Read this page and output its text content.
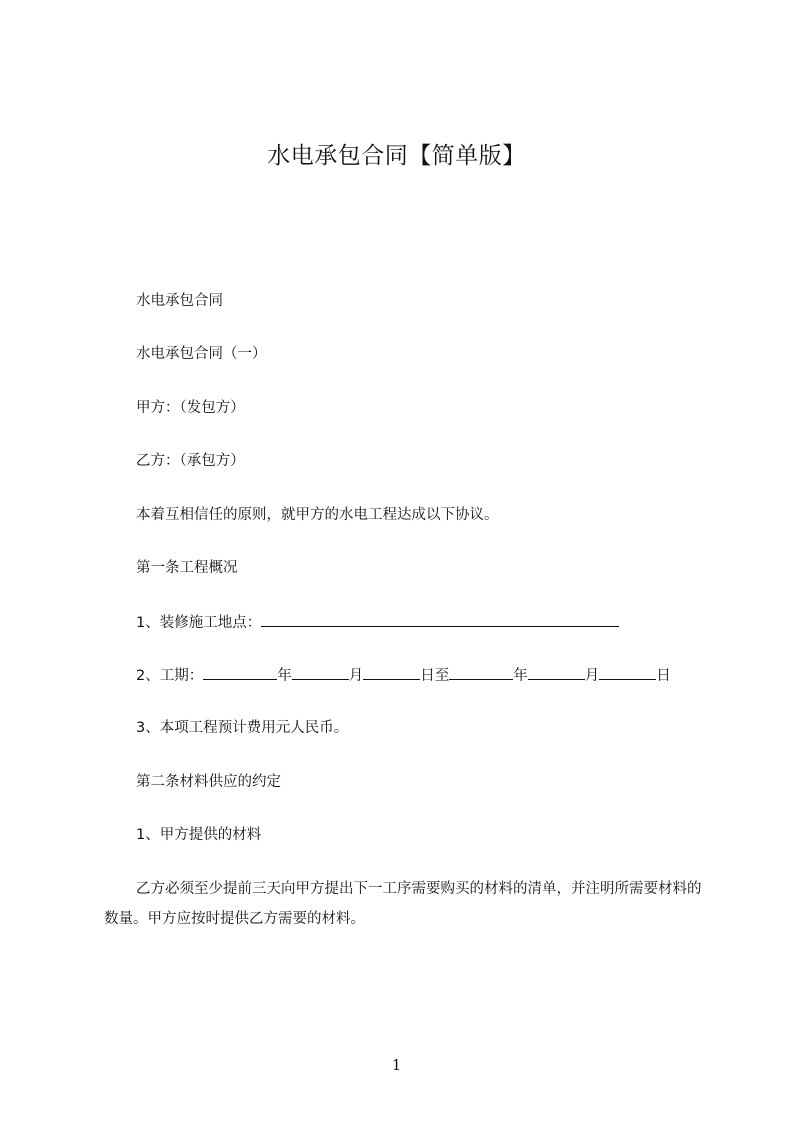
水电承包合同【简单版】
水电承包合同
水电承包合同（一）
甲方：（发包方）
乙方：（承包方）
本着互相信任的原则，就甲方的水电工程达成以下协议。
第一条工程概况
1、装修施工地点：
2、工期：	年	月	日至	年	月	日
3、本项工程预计费用元人民币。
第二条材料供应的约定
1、甲方提供的材料
乙方必须至少提前三天向甲方提出下一工序需要购买的材料的清单，并注明所需要材料的数量。甲方应按时提供乙方需要的材料。
1
